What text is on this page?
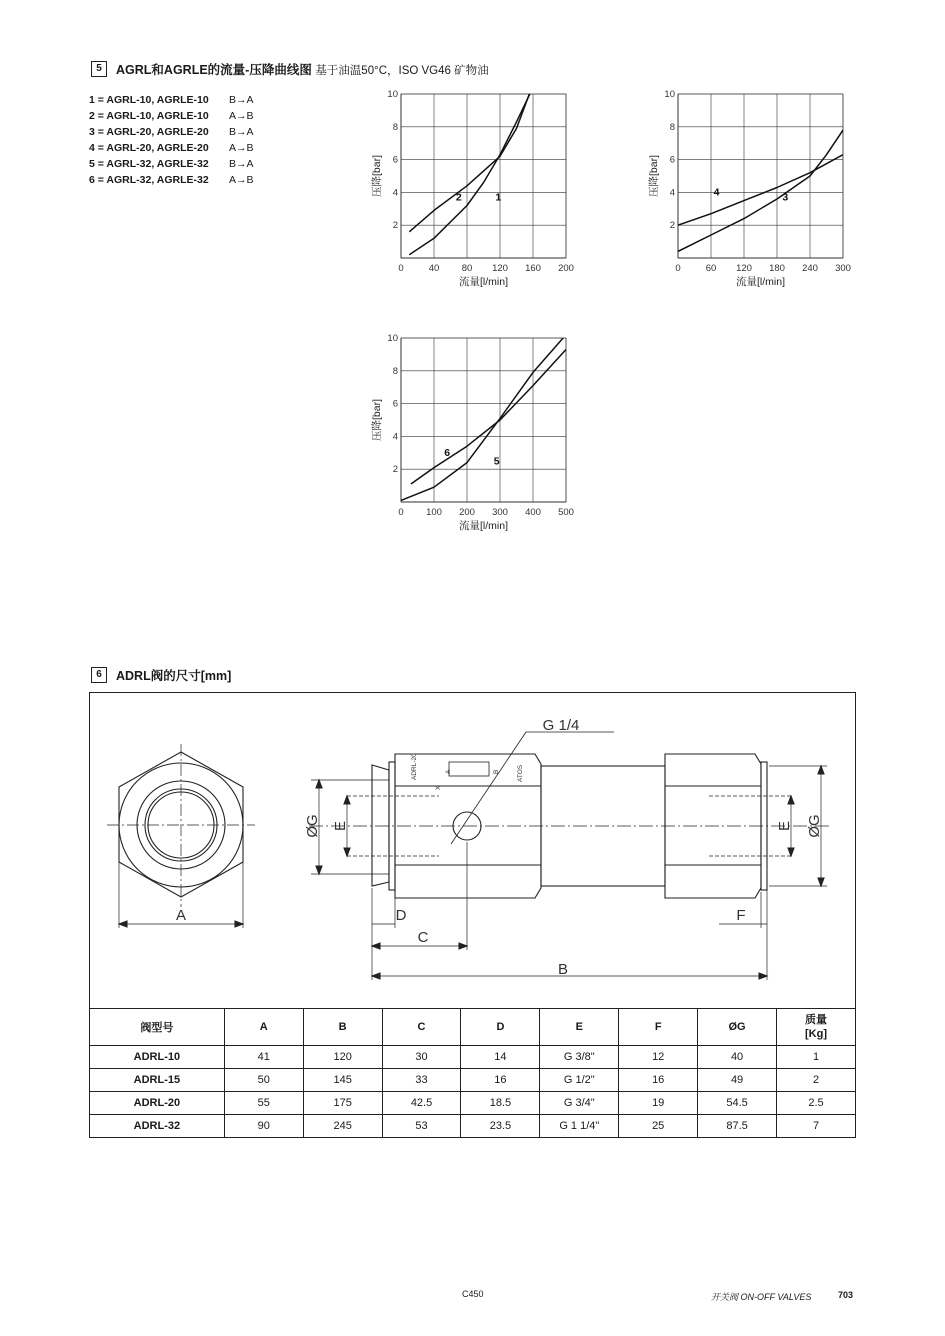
5	AGRL和AGRLE的流量-压降曲线图 基于油温50°C，ISO VG46 矿物油
1 = AGRL-10, AGRLE-10 B→A
2 = AGRL-10, AGRLE-10 A→B
3 = AGRL-20, AGRLE-20 B→A
4 = AGRL-20, AGRLE-20 A→B
5 = AGRL-32, AGRLE-32 B→A
6 = AGRL-32, AGRLE-32 A→B
0	40 80 120 160 200
2
4
6
8
10
流量[l/min]
压降[bar]
1
2
0	60 120 180 240 300
2
4
6
8
10
流量[l/min]
压降[bar]
3
4
0 100 200 300 400 500
2
4
6
8
10
流量[l/min]
压降[bar]
5
6
6	ADRL阀的尺寸[mm]
A	D
C
B
F
G 1/4
ØG E	E ØG
ADRL-20
X
A	B	ATOS
阀型号	A	B	C	D	E	F	ØG	质量
[Kg]
ADRL-10	41	120	30	14	G 3/8"	12	40	1
ADRL-15	50	145	33	16	G 1/2"	16	49	2
ADRL-20	55	175	42.5	18.5	G 3/4"	19	54.5	2.5
ADRL-32	90	245	53	23.5	G 1 1/4"	25	87.5	7
C450	开关阀 ON-OFF VALVES	703
